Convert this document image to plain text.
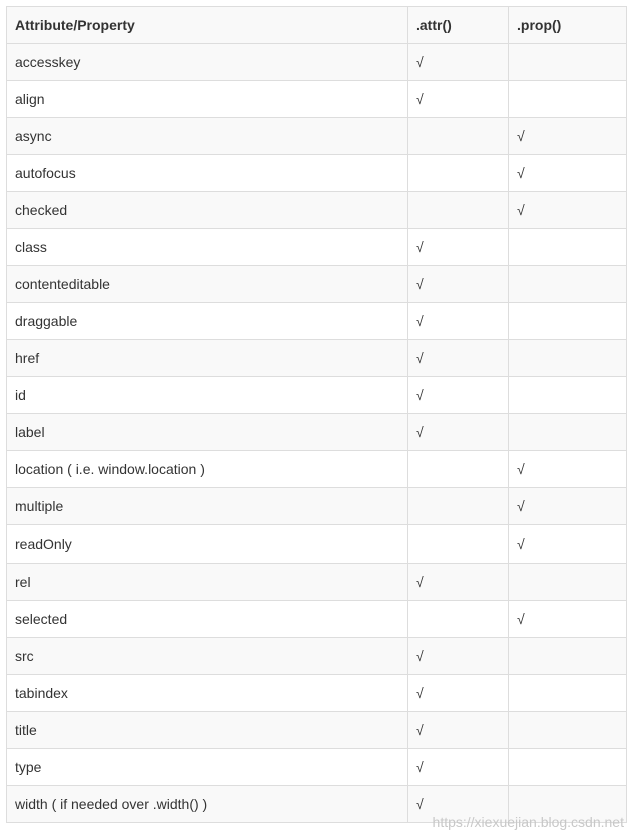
Attribute/Property	.attr()	.prop()
accesskey	√	
align	√	
async		√
autofocus		√
checked		√
class	√	
contenteditable	√	
draggable	√	
href	√	
id	√	
label	√	
location ( i.e. window.location )		√
multiple		√
readOnly		√
rel	√	
selected		√
src	√	
tabindex	√	
title	√	
type	√	
width ( if needed over .width() )	√	
https://xiexuejian.blog.csdn.net
